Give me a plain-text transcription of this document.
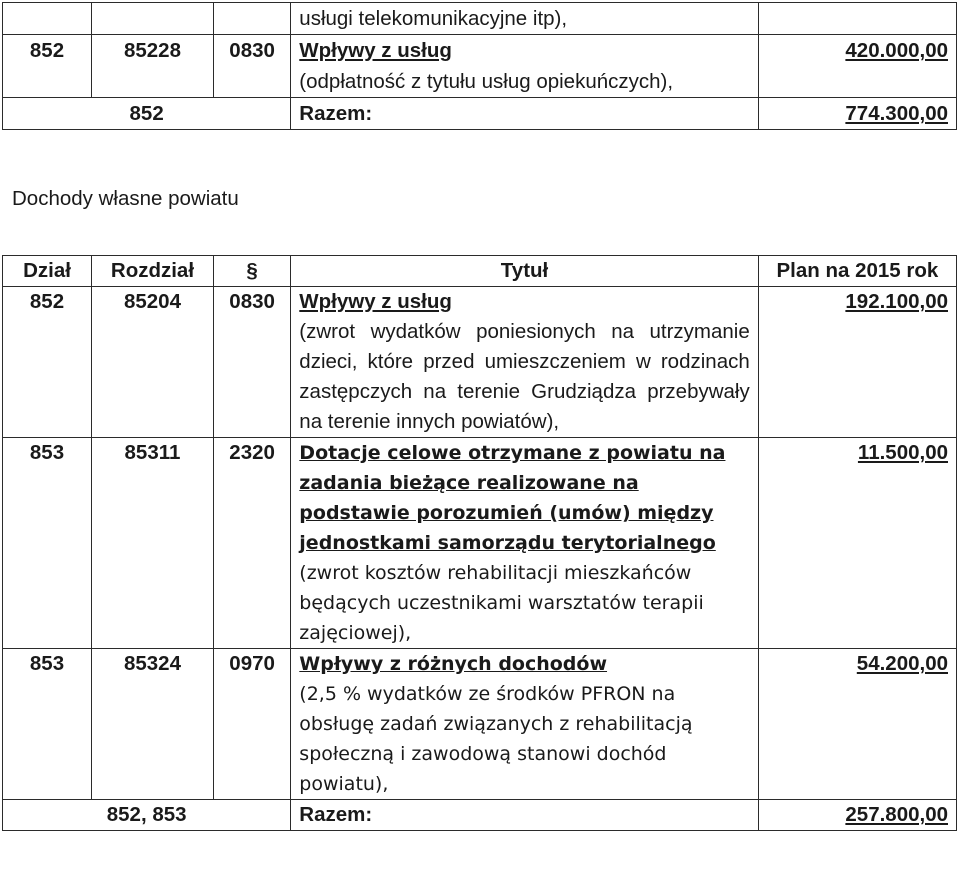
			usługi telekomunikacyjne itp),	
852	85228	0830	Wpływy z usług
(odpłatność z tytułu usług opiekuńczych),	420.000,00
852			Razem:	774.300,00
Dochody własne powiatu
Dział	Rozdział	§	Tytuł	Plan na 2015 rok
852	85204	0830	Wpływy z usług
(zwrot wydatków poniesionych na utrzymanie dzieci, które przed umieszczeniem w rodzinach zastępczych na terenie Grudziądza przebywały na terenie innych powiatów),	192.100,00
853	85311	2320	Dotacje celowe otrzymane z powiatu na zadania bieżące realizowane na podstawie porozumień (umów) między jednostkami samorządu terytorialnego
(zwrot kosztów rehabilitacji mieszkańców będących uczestnikami warsztatów terapii zajęciowej),	11.500,00
853	85324	0970	Wpływy z różnych dochodów
(2,5 % wydatków ze środków PFRON na obsługę zadań związanych z rehabilitacją społeczną i zawodową stanowi dochód powiatu),	54.200,00
852, 853			Razem:	257.800,00
